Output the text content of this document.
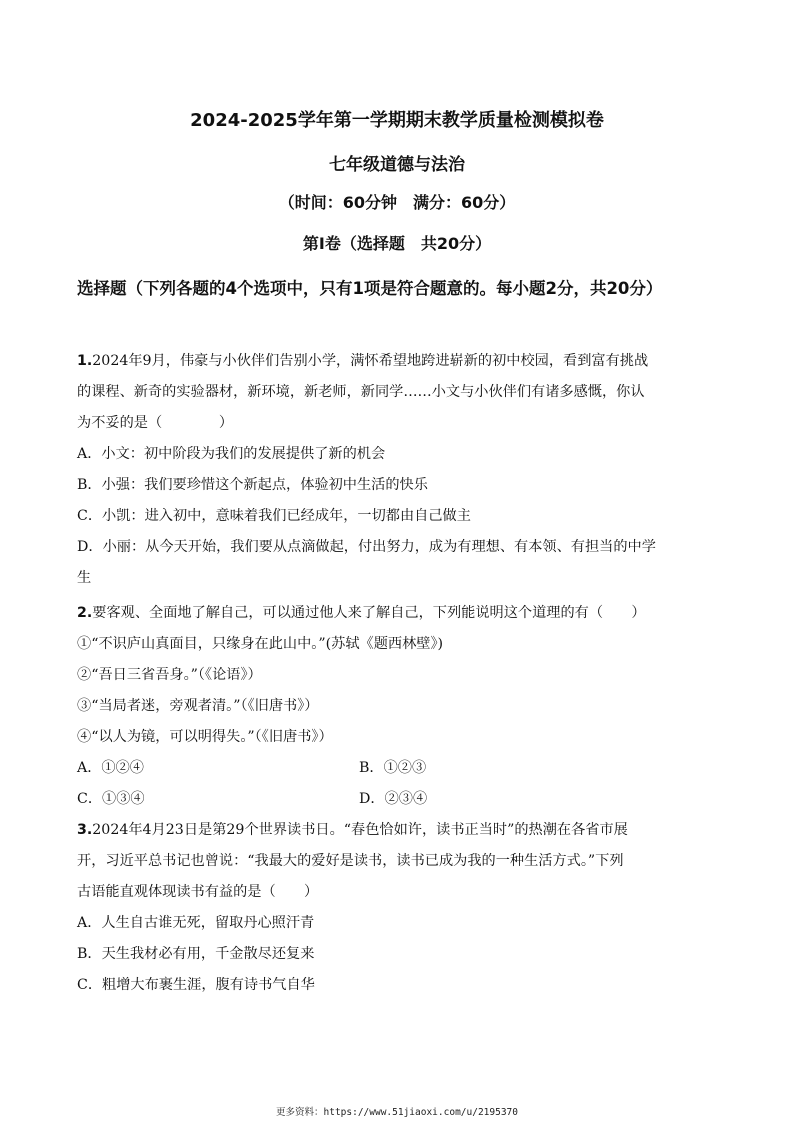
2024-2025学年第一学期期末教学质量检测模拟卷
七年级道德与法治
（时间：60分钟　满分：60分）
第Ⅰ卷（选择题　共20分）
选择题（下列各题的4个选项中，只有1项是符合题意的。每小题2分，共20分）
1.2024年9月，伟豪与小伙伴们告别小学，满怀希望地跨进崭新的初中校园，看到富有挑战
的课程、新奇的实验器材，新环境，新老师，新同学……小文与小伙伴们有诸多感慨，你认
为不妥的是（　　　　）
A．小文：初中阶段为我们的发展提供了新的机会
B．小强：我们要珍惜这个新起点，体验初中生活的快乐
C．小凯：进入初中，意味着我们已经成年，一切都由自己做主
D．小丽：从今天开始，我们要从点滴做起，付出努力，成为有理想、有本领、有担当的中学
生
2.要客观、全面地了解自己，可以通过他人来了解自己，下列能说明这个道理的有（　　）
①“不识庐山真面目，只缘身在此山中。”(苏轼《题西林壁》)
②“吾日三省吾身。”（《论语》）
③“当局者迷，旁观者清。”（《旧唐书》）
④“以人为镜，可以明得失。”（《旧唐书》）
A．①②④	B．①②③
C．①③④	D．②③④
3.2024年4月23日是第29个世界读书日。“春色恰如许，读书正当时”的热潮在各省市展
开，习近平总书记也曾说：“我最大的爱好是读书，读书已成为我的一种生活方式。”下列
古语能直观体现读书有益的是（　　）
A．人生自古谁无死，留取丹心照汗青
B．天生我材必有用，千金散尽还复来
C．粗增大布裹生涯，腹有诗书气自华
更多资料：https://www.51jiaoxi.com/u/2195370
